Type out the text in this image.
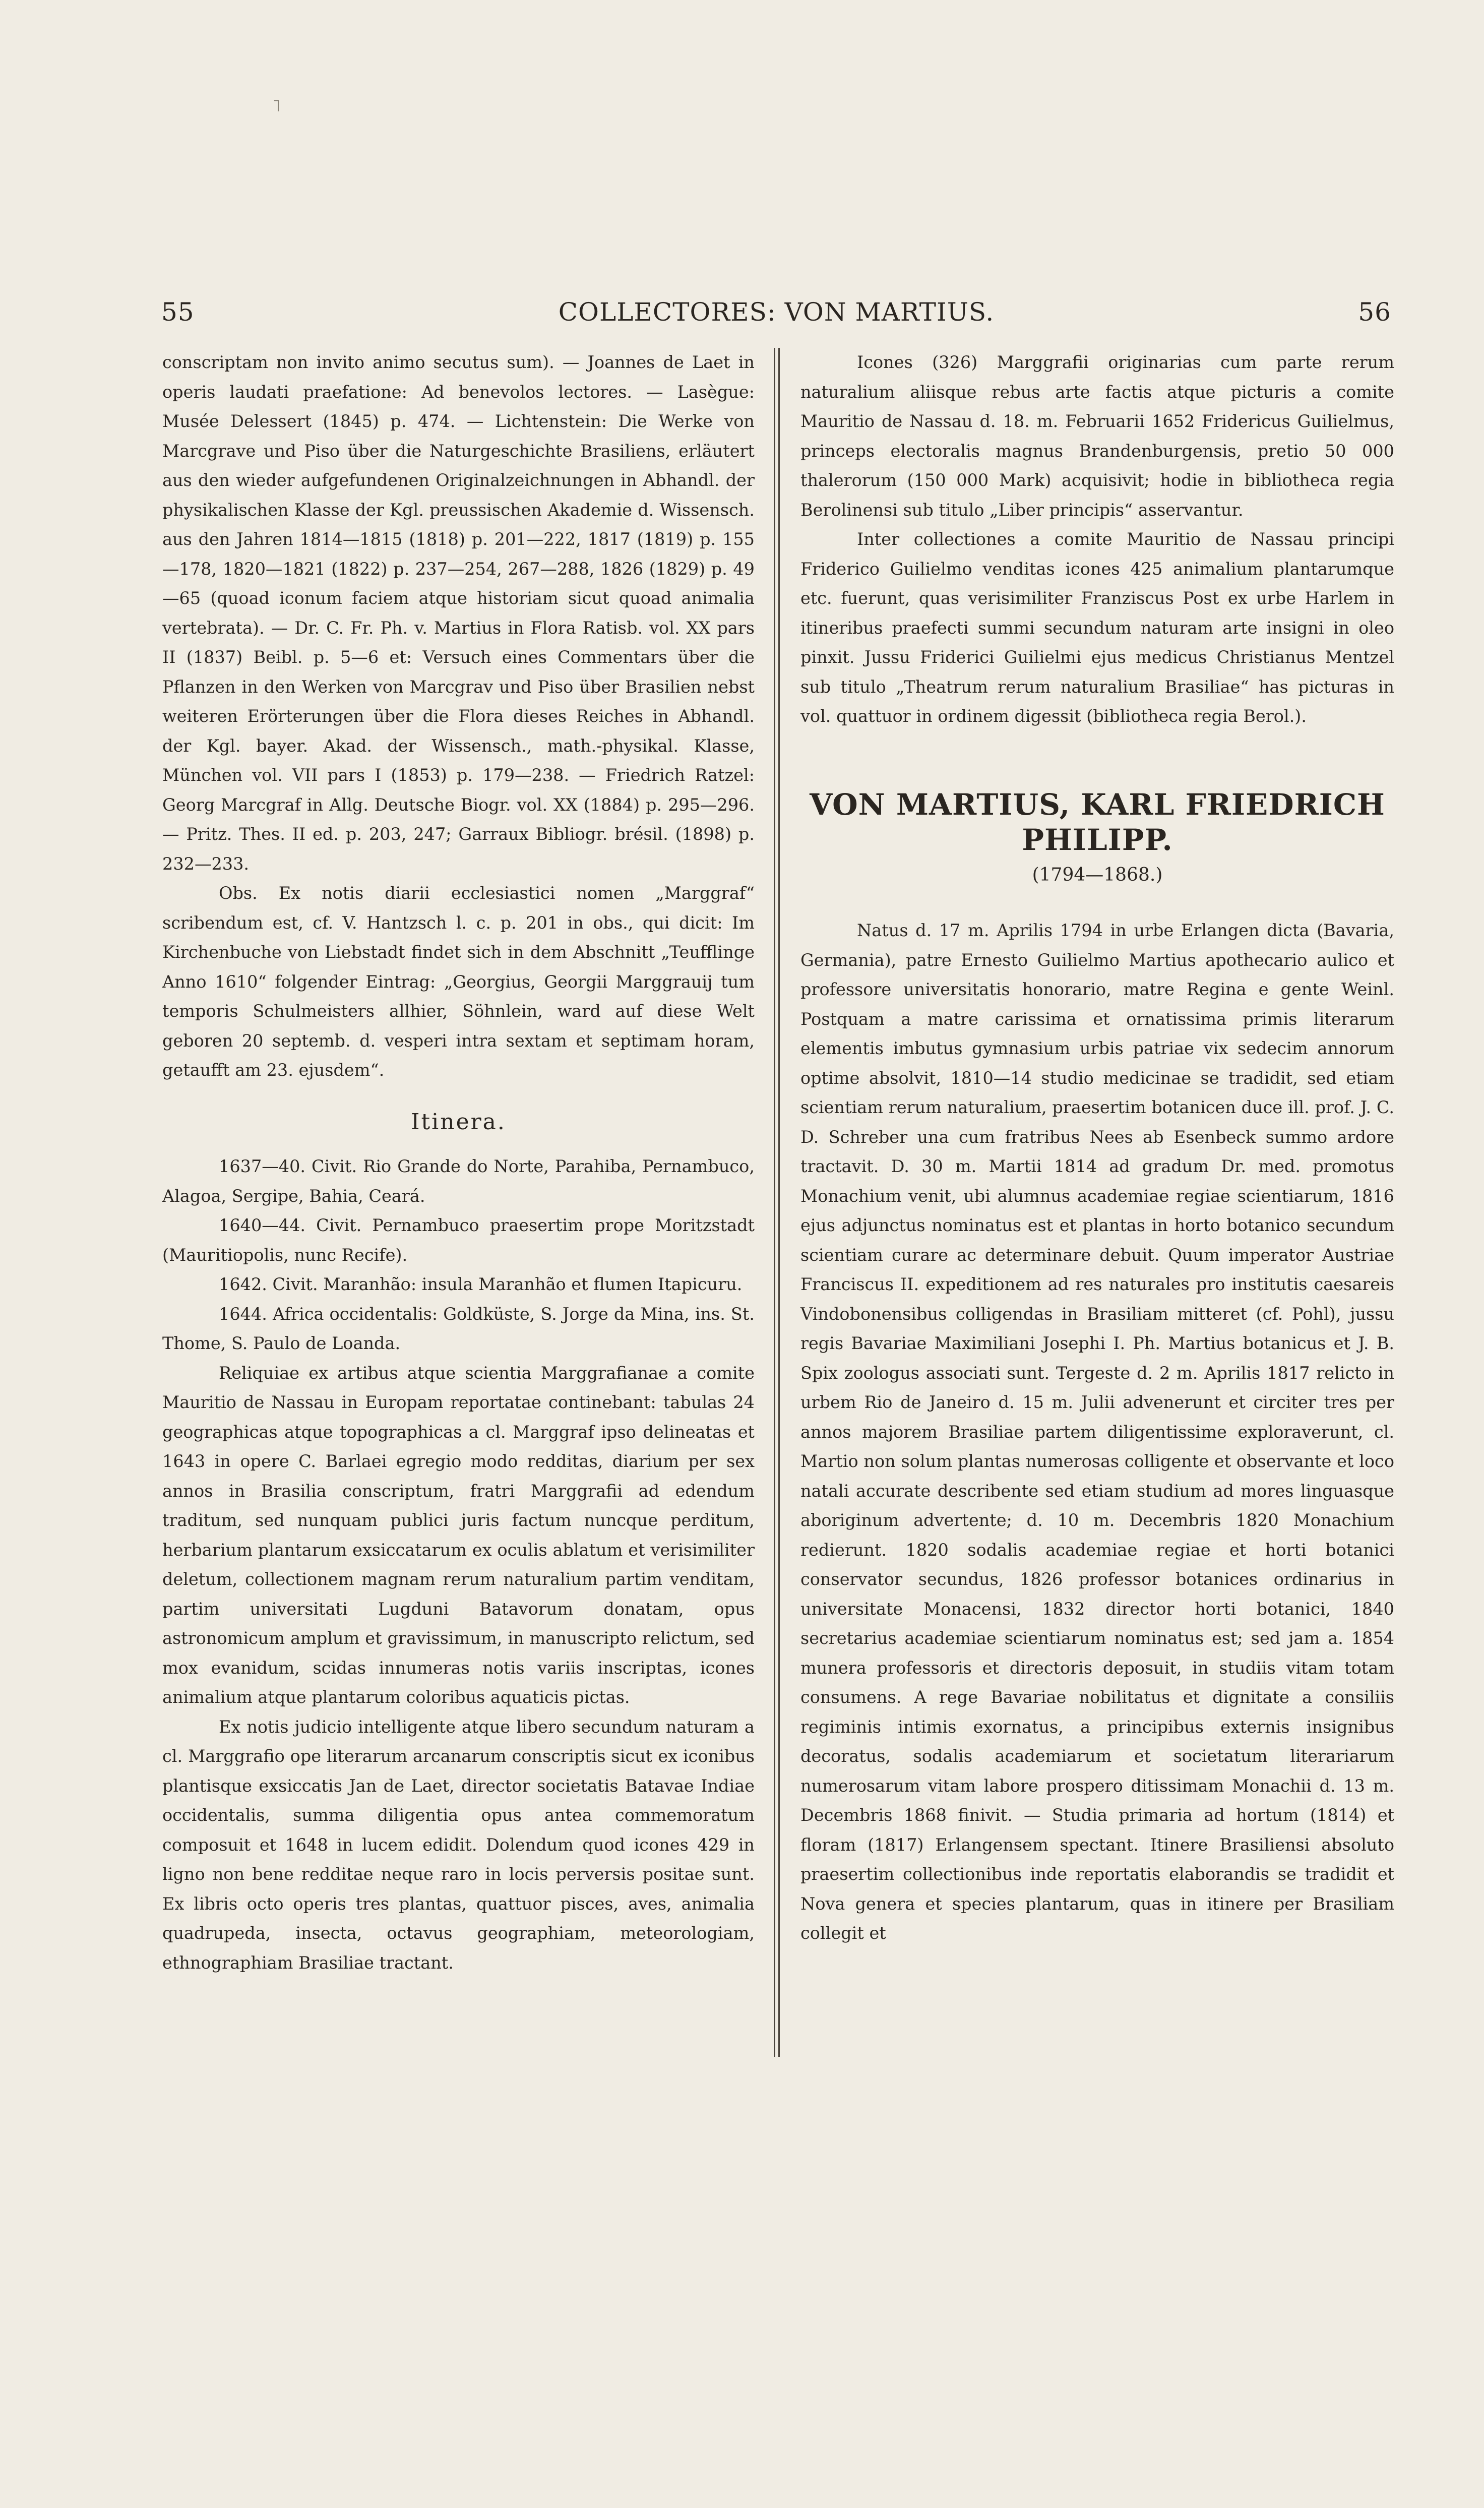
˥
55	COLLECTORES: VON MARTIUS.	56

conscriptam non invito animo secutus sum). — Joannes de Laet in operis laudati praefatione: Ad benevolos lectores. — Lasègue: Musée Delessert (1845) p. 474. — Lichtenstein: Die Werke von Marcgrave und Piso über die Naturgeschichte Brasiliens, erläutert aus den wieder aufgefundenen Originalzeichnungen in Abhandl. der physikalischen Klasse der Kgl. preussischen Akademie d. Wissensch. aus den Jahren 1814—1815 (1818) p. 201—222, 1817 (1819) p. 155—178, 1820—1821 (1822) p. 237—254, 267—288, 1826 (1829) p. 49—65 (quoad iconum faciem atque historiam sicut quoad animalia vertebrata). — Dr. C. Fr. Ph. v. Martius in Flora Ratisb. vol. XX pars II (1837) Beibl. p. 5—6 et: Versuch eines Commentars über die Pflanzen in den Werken von Marcgrav und Piso über Brasilien nebst weiteren Erörterungen über die Flora dieses Reiches in Abhandl. der Kgl. bayer. Akad. der Wissensch., math.-physikal. Klasse, München vol. VII pars I (1853) p. 179—238. — Friedrich Ratzel: Georg Marcgraf in Allg. Deutsche Biogr. vol. XX (1884) p. 295—296. — Pritz. Thes. II ed. p. 203, 247; Garraux Bibliogr. brésil. (1898) p. 232—233.

Obs. Ex notis diarii ecclesiastici nomen „Marggraf“ scribendum est, cf. V. Hantzsch l. c. p. 201 in obs., qui dicit: Im Kirchenbuche von Liebstadt findet sich in dem Abschnitt „Teufflinge Anno 1610“ folgender Eintrag: „Georgius, Georgii Marggrauij tum temporis Schulmeisters allhier, Söhnlein, ward auf diese Welt geboren 20 septemb. d. vesperi intra sextam et septimam horam, getaufft am 23. ejusdem“.

Itinera.

1637—40. Civit. Rio Grande do Norte, Parahiba, Pernambuco, Alagoa, Sergipe, Bahia, Ceará.

1640—44. Civit. Pernambuco praesertim prope Moritzstadt (Mauritiopolis, nunc Recife).

1642. Civit. Maranhão: insula Maranhão et flumen Itapicuru.

1644. Africa occidentalis: Goldküste, S. Jorge da Mina, ins. St. Thome, S. Paulo de Loanda.

Reliquiae ex artibus atque scientia Marggrafianae a comite Mauritio de Nassau in Europam reportatae continebant: tabulas 24 geographicas atque topographicas a cl. Marggraf ipso delineatas et 1643 in opere C. Barlaei egregio modo redditas, diarium per sex annos in Brasilia conscriptum, fratri Marggrafii ad edendum traditum, sed nunquam publici juris factum nuncque perditum, herbarium plantarum exsiccatarum ex oculis ablatum et verisimiliter deletum, collectionem magnam rerum naturalium partim venditam, partim universitati Lugduni Batavorum donatam, opus astronomicum amplum et gravissimum, in manuscripto relictum, sed mox evanidum, scidas innumeras notis variis inscriptas, icones animalium atque plantarum coloribus aquaticis pictas.

Ex notis judicio intelligente atque libero secundum naturam a cl. Marggrafio ope literarum arcanarum conscriptis sicut ex iconibus plantisque exsiccatis Jan de Laet, director societatis Batavae Indiae occidentalis, summa diligentia opus antea commemoratum composuit et 1648 in lucem edidit. Dolendum quod icones 429 in ligno non bene redditae neque raro in locis perversis positae sunt. Ex libris octo operis tres plantas, quattuor pisces, aves, animalia quadrupeda, insecta, octavus geographiam, meteorologiam, ethnographiam Brasiliae tractant.

Icones (326) Marggrafii originarias cum parte rerum naturalium aliisque rebus arte factis atque picturis a comite Mauritio de Nassau d. 18. m. Februarii 1652 Fridericus Guilielmus, princeps electoralis magnus Brandenburgensis, pretio 50 000 thalerorum (150 000 Mark) acquisivit; hodie in bibliotheca regia Berolinensi sub titulo „Liber principis“ asservantur.

Inter collectiones a comite Mauritio de Nassau principi Friderico Guilielmo venditas icones 425 animalium plantarumque etc. fuerunt, quas verisimiliter Franziscus Post ex urbe Harlem in itineribus praefecti summi secundum naturam arte insigni in oleo pinxit. Jussu Friderici Guilielmi ejus medicus Christianus Mentzel sub titulo „Theatrum rerum naturalium Brasiliae“ has picturas in vol. quattuor in ordinem digessit (bibliotheca regia Berol.).

VON MARTIUS, KARL FRIEDRICH PHILIPP.
(1794—1868.)

Natus d. 17 m. Aprilis 1794 in urbe Erlangen dicta (Bavaria, Germania), patre Ernesto Guilielmo Martius apothecario aulico et professore universitatis honorario, matre Regina e gente Weinl. Postquam a matre carissima et ornatissima primis literarum elementis imbutus gymnasium urbis patriae vix sedecim annorum optime absolvit, 1810—14 studio medicinae se tradidit, sed etiam scientiam rerum naturalium, praesertim botanicen duce ill. prof. J. C. D. Schreber una cum fratribus Nees ab Esenbeck summo ardore tractavit. D. 30 m. Martii 1814 ad gradum Dr. med. promotus Monachium venit, ubi alumnus academiae regiae scientiarum, 1816 ejus adjunctus nominatus est et plantas in horto botanico secundum scientiam curare ac determinare debuit. Quum imperator Austriae Franciscus II. expeditionem ad res naturales pro institutis caesareis Vindobonensibus colligendas in Brasiliam mitteret (cf. Pohl), jussu regis Bavariae Maximiliani Josephi I. Ph. Martius botanicus et J. B. Spix zoologus associati sunt. Tergeste d. 2 m. Aprilis 1817 relicto in urbem Rio de Janeiro d. 15 m. Julii advenerunt et circiter tres per annos majorem Brasiliae partem diligentissime exploraverunt, cl. Martio non solum plantas numerosas colligente et observante et loco natali accurate describente sed etiam studium ad mores linguasque aboriginum advertente; d. 10 m. Decembris 1820 Monachium redierunt. 1820 sodalis academiae regiae et horti botanici conservator secundus, 1826 professor botanices ordinarius in universitate Monacensi, 1832 director horti botanici, 1840 secretarius academiae scientiarum nominatus est; sed jam a. 1854 munera professoris et directoris deposuit, in studiis vitam totam consumens. A rege Bavariae nobilitatus et dignitate a consiliis regiminis intimis exornatus, a principibus externis insignibus decoratus, sodalis academiarum et societatum literariarum numerosarum vitam labore prospero ditissimam Monachii d. 13 m. Decembris 1868 finivit. — Studia primaria ad hortum (1814) et floram (1817) Erlangensem spectant. Itinere Brasiliensi absoluto praesertim collectionibus inde reportatis elaborandis se tradidit et Nova genera et species plantarum, quas in itinere per Brasiliam collegit et
